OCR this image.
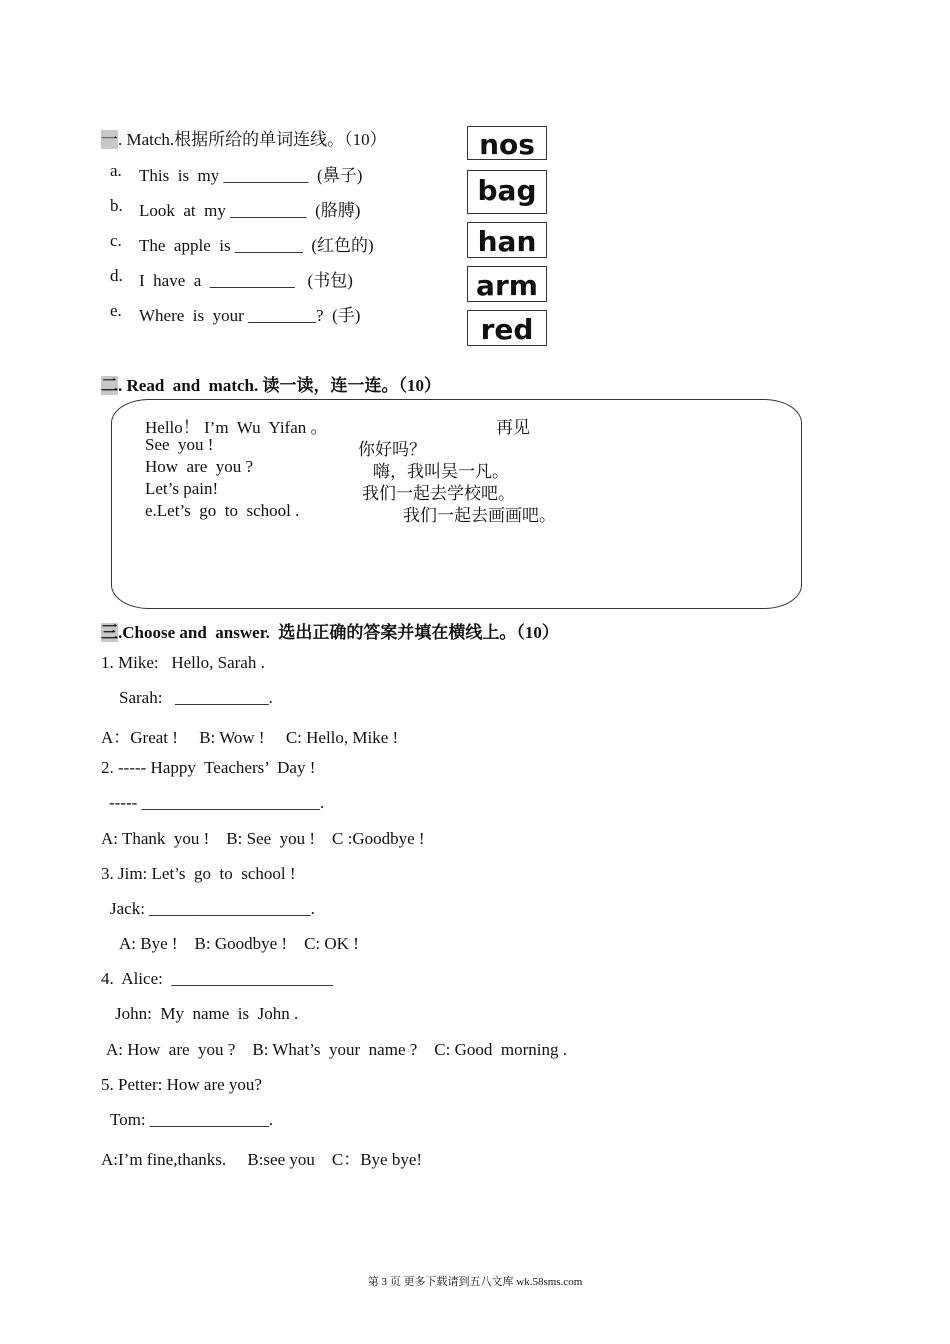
一. Match.根据所给的单词连线。（10）
a. This  is  my __________  (鼻子)
b. Look  at  my _________  (胳膊)
c. The  apple  is ________  (红色的)
d. I  have  a  __________   (书包)
e. Where  is  your ________?  (手)
nos
bag
han
arm
red
二. Read  and  match. 读一读，连一连。（10）
Hello！ I’m  Wu  Yifan 。
See  you !
How  are  you ?
Let’s pain!
e.Let’s  go  to  school .
再见
你好吗？
嗨，我叫吴一凡。
我们一起去学校吧。
我们一起去画画吧。
三.Choose and  answer.  选出正确的答案并填在横线上。（10）
1. Mike:   Hello, Sarah .
Sarah:   ___________.
A：Great !     B: Wow !     C: Hello, Mike !
2. ----- Happy  Teachers’  Day !
----- _____________________.
A: Thank  you !    B: See  you !    C :Goodbye !
3. Jim: Let’s  go  to  school !
Jack: ___________________.
A: Bye !    B: Goodbye !    C: OK !
4.  Alice:  ___________________
John:  My  name  is  John .
A: How  are  you ?    B: What’s  your  name ?    C: Good  morning .
5. Petter: How are you?
Tom: ______________.
A:I’m fine,thanks.     B:see you    C：Bye bye!
第 3 页 更多下载请到五八文库 wk.58sms.com
